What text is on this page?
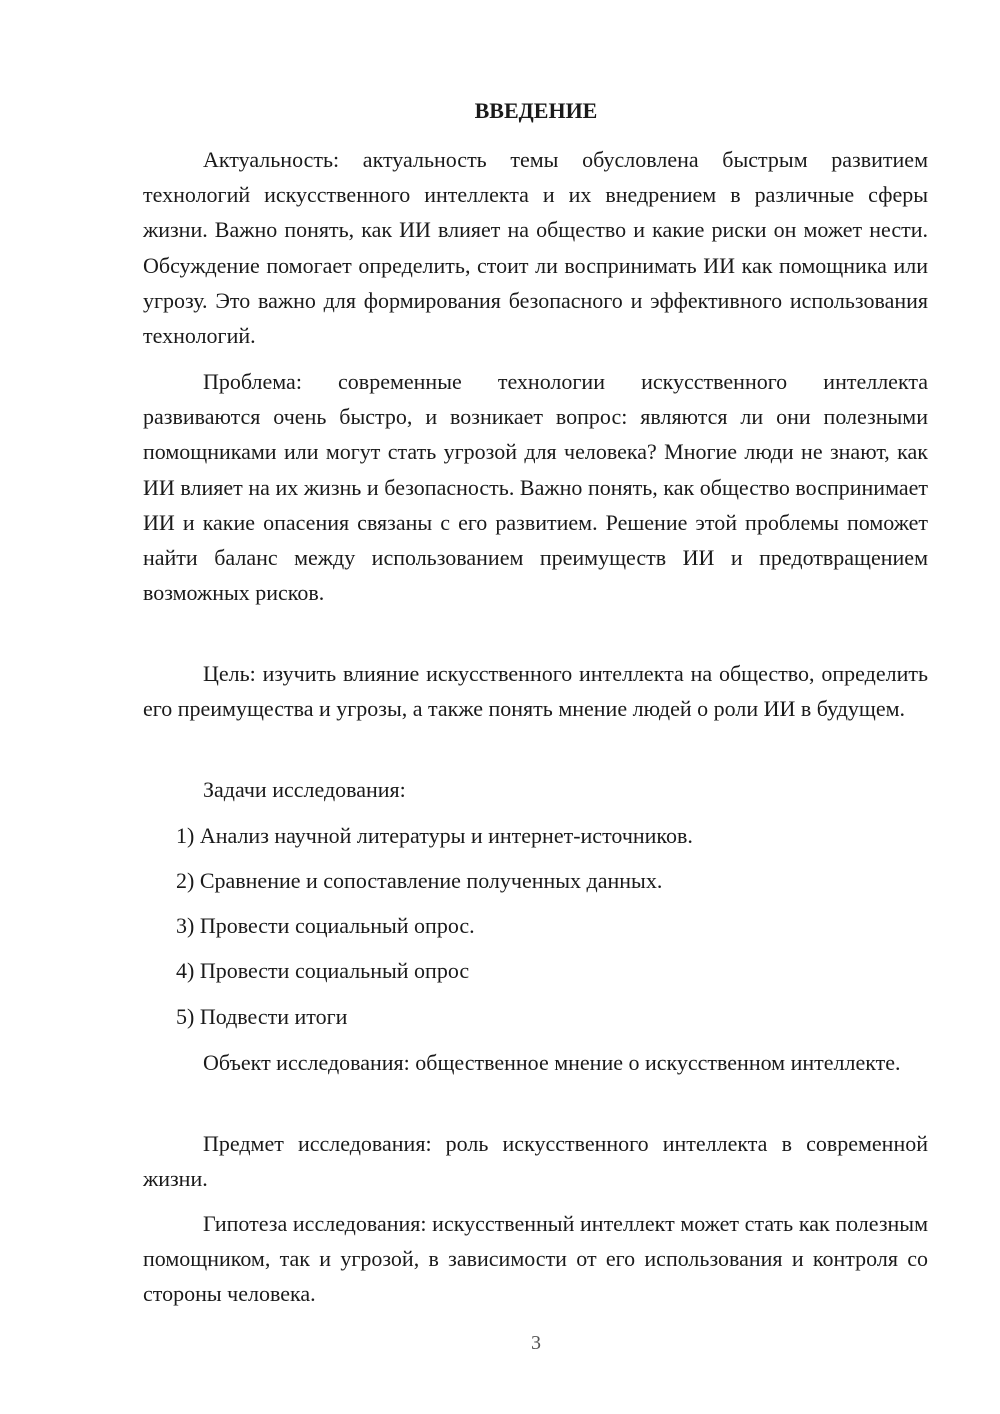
ВВЕДЕНИЕ

Актуальность: актуальность темы обусловлена быстрым развитием технологий искусственного интеллекта и их внедрением в различные сферы жизни. Важно понять, как ИИ влияет на общество и какие риски он может нести. Обсуждение помогает определить, стоит ли воспринимать ИИ как помощника или угрозу. Это важно для формирования безопасного и эффективного использования технологий.

Проблема: современные технологии искусственного интеллекта развиваются очень быстро, и возникает вопрос: являются ли они полезными помощниками или могут стать угрозой для человека? Многие люди не знают, как ИИ влияет на их жизнь и безопасность. Важно понять, как общество воспринимает ИИ и какие опасения связаны с его развитием. Решение этой проблемы поможет найти баланс между использованием преимуществ ИИ и предотвращением возможных рисков.

Цель: изучить влияние искусственного интеллекта на общество, определить его преимущества и угрозы, а также понять мнение людей о роли ИИ в будущем.

Задачи исследования:

1) Анализ научной литературы и интернет-источников.

2) Сравнение и сопоставление полученных данных.

3) Провести социальный опрос.

4) Провести социальный опрос

5) Подвести итоги

Объект исследования: общественное мнение о искусственном интеллекте.

Предмет исследования: роль искусственного интеллекта в современной жизни.

Гипотеза исследования: искусственный интеллект может стать как полезным помощником, так и угрозой, в зависимости от его использования и контроля со стороны человека.

3
